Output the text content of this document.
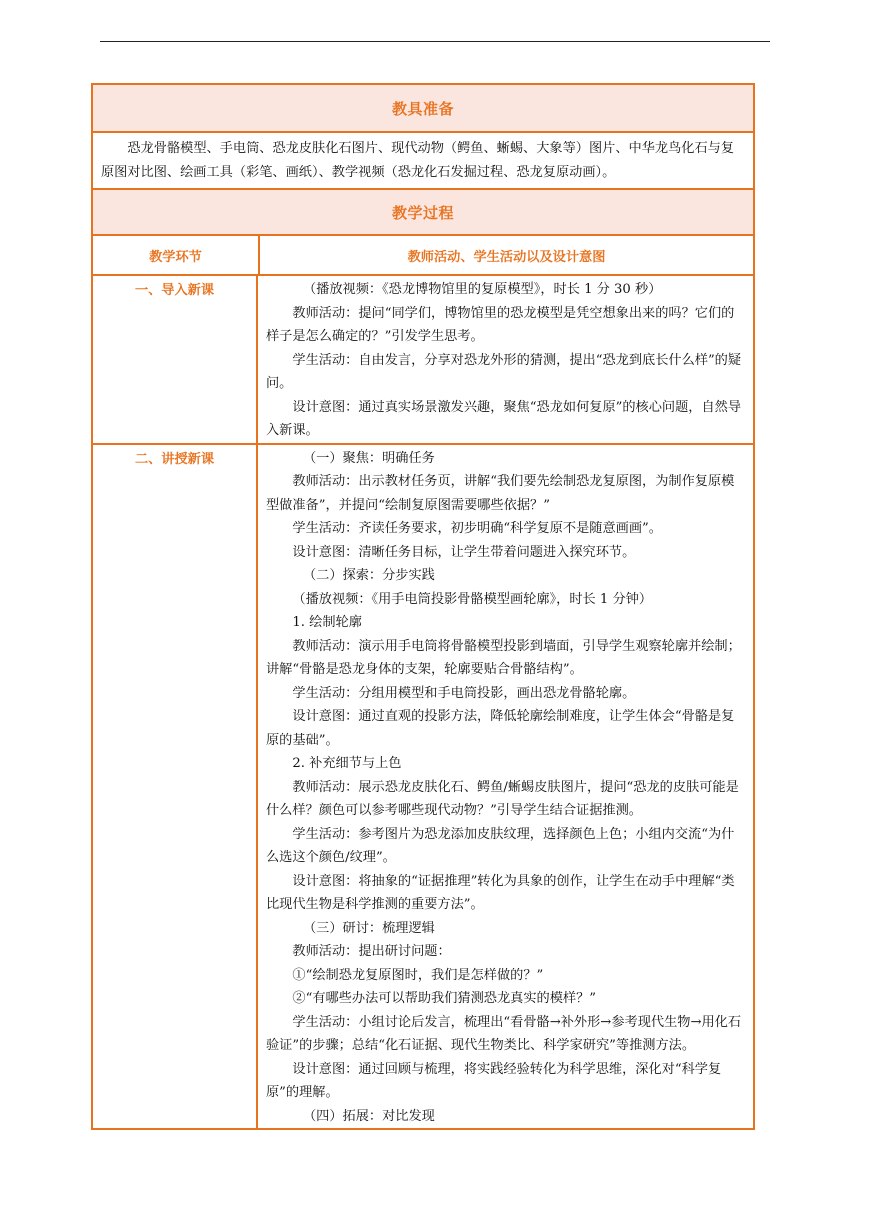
教具准备
恐龙骨骼模型、手电筒、恐龙皮肤化石图片、现代动物（鳄鱼、蜥蜴、大象等）图片、中华龙鸟化石与复原图对比图、绘画工具（彩笔、画纸）、教学视频（恐龙化石发掘过程、恐龙复原动画）。
教学过程
教学环节	教师活动、学生活动以及设计意图
一、导入新课	（播放视频：《恐龙博物馆里的复原模型》，时长 1 分 30 秒）

教师活动：提问“同学们，博物馆里的恐龙模型是凭空想象出来的吗？它们的样子是怎么确定的？”引发学生思考。

学生活动：自由发言，分享对恐龙外形的猜测，提出“恐龙到底长什么样”的疑问。

设计意图：通过真实场景激发兴趣，聚焦“恐龙如何复原”的核心问题，自然导入新课。

二、讲授新课	（一）聚焦：明确任务

教师活动：出示教材任务页，讲解“我们要先绘制恐龙复原图，为制作复原模型做准备”，并提问“绘制复原图需要哪些依据？”

学生活动：齐读任务要求，初步明确“科学复原不是随意画画”。

设计意图：清晰任务目标，让学生带着问题进入探究环节。

（二）探索：分步实践

（播放视频：《用手电筒投影骨骼模型画轮廓》，时长 1 分钟）

1. 绘制轮廓

教师活动：演示用手电筒将骨骼模型投影到墙面，引导学生观察轮廓并绘制；讲解“骨骼是恐龙身体的支架，轮廓要贴合骨骼结构”。

学生活动：分组用模型和手电筒投影，画出恐龙骨骼轮廓。

设计意图：通过直观的投影方法，降低轮廓绘制难度，让学生体会“骨骼是复原的基础”。

2. 补充细节与上色

教师活动：展示恐龙皮肤化石、鳄鱼/蜥蜴皮肤图片，提问“恐龙的皮肤可能是什么样？颜色可以参考哪些现代动物？”引导学生结合证据推测。

学生活动：参考图片为恐龙添加皮肤纹理，选择颜色上色；小组内交流“为什么选这个颜色/纹理”。

设计意图：将抽象的“证据推理”转化为具象的创作，让学生在动手中理解“类比现代生物是科学推测的重要方法”。

（三）研讨：梳理逻辑

教师活动：提出研讨问题：

①“绘制恐龙复原图时，我们是怎样做的？”

②“有哪些办法可以帮助我们猜测恐龙真实的模样？”

学生活动：小组讨论后发言，梳理出“看骨骼→补外形→参考现代生物→用化石验证”的步骤；总结“化石证据、现代生物类比、科学家研究”等推测方法。

设计意图：通过回顾与梳理，将实践经验转化为科学思维，深化对“科学复原”的理解。

（四）拓展：对比发现
